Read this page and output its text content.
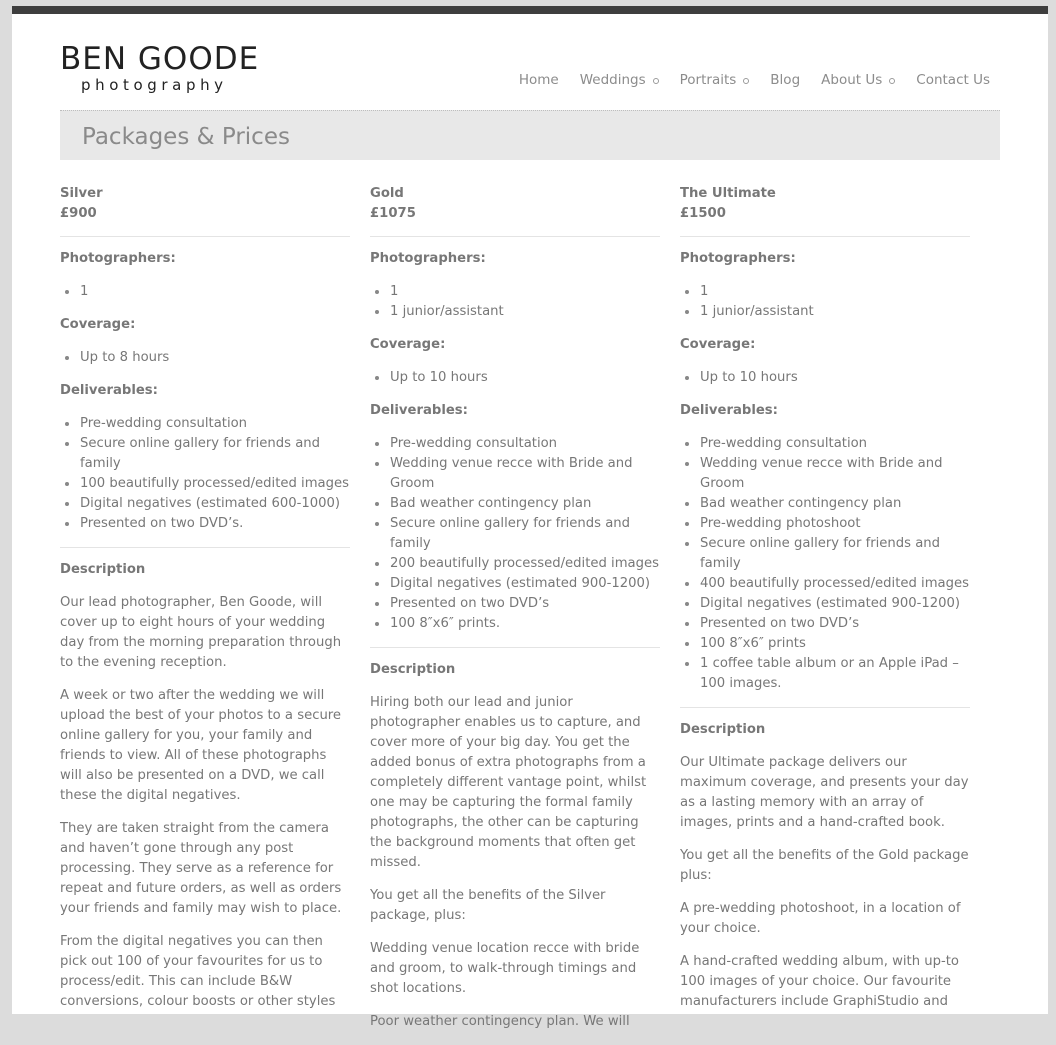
BEN GOODE
photography	Home Weddings	Portraits	Blog About Us	Contact Us
Packages & Prices
Silver
£900
Photographers:
1
Coverage:
Up to 8 hours
Deliverables:
Pre-wedding consultation
Secure online gallery for friends and family
100 beautifully processed/edited images
Digital negatives (estimated 600-1000)
Presented on two DVD’s.
Description

Our lead photographer, Ben Goode, will cover up to eight hours of your wedding day from the morning preparation through to the evening reception.

A week or two after the wedding we will upload the best of your photos to a secure online gallery for you, your family and friends to view. All of these photographs will also be presented on a DVD, we call these the digital negatives.

They are taken straight from the camera and haven’t gone through any post processing. They serve as a reference for repeat and future orders, as well as orders your friends and family may wish to place.

From the digital negatives you can then pick out 100 of your favourites for us to process/edit. This can include B&W conversions, colour boosts or other styles

Gold
£1075
Photographers:
1
1 junior/assistant
Coverage:
Up to 10 hours
Deliverables:
Pre-wedding consultation
Wedding venue recce with Bride and Groom
Bad weather contingency plan
Secure online gallery for friends and family
200 beautifully processed/edited images
Digital negatives (estimated 900-1200)
Presented on two DVD’s
100 8″x6″ prints.
Description

Hiring both our lead and junior photographer enables us to capture, and cover more of your big day. You get the added bonus of extra photographs from a completely different vantage point, whilst one may be capturing the formal family photographs, the other can be capturing the background moments that often get missed.

You get all the benefits of the Silver package, plus:

Wedding venue location recce with bride and groom, to walk-through timings and shot locations.

Poor weather contingency plan. We will

The Ultimate
£1500
Photographers:
1
1 junior/assistant
Coverage:
Up to 10 hours
Deliverables:
Pre-wedding consultation
Wedding venue recce with Bride and Groom
Bad weather contingency plan
Pre-wedding photoshoot
Secure online gallery for friends and family
400 beautifully processed/edited images
Digital negatives (estimated 900-1200)
Presented on two DVD’s
100 8″x6″ prints
1 coffee table album or an Apple iPad – 100 images.
Description

Our Ultimate package delivers our maximum coverage, and presents your day as a lasting memory with an array of images, prints and a hand-crafted book.

You get all the benefits of the Gold package plus:

A pre-wedding photoshoot, in a location of your choice.

A hand-crafted wedding album, with up-to 100 images of your choice. Our favourite manufacturers include GraphiStudio and
